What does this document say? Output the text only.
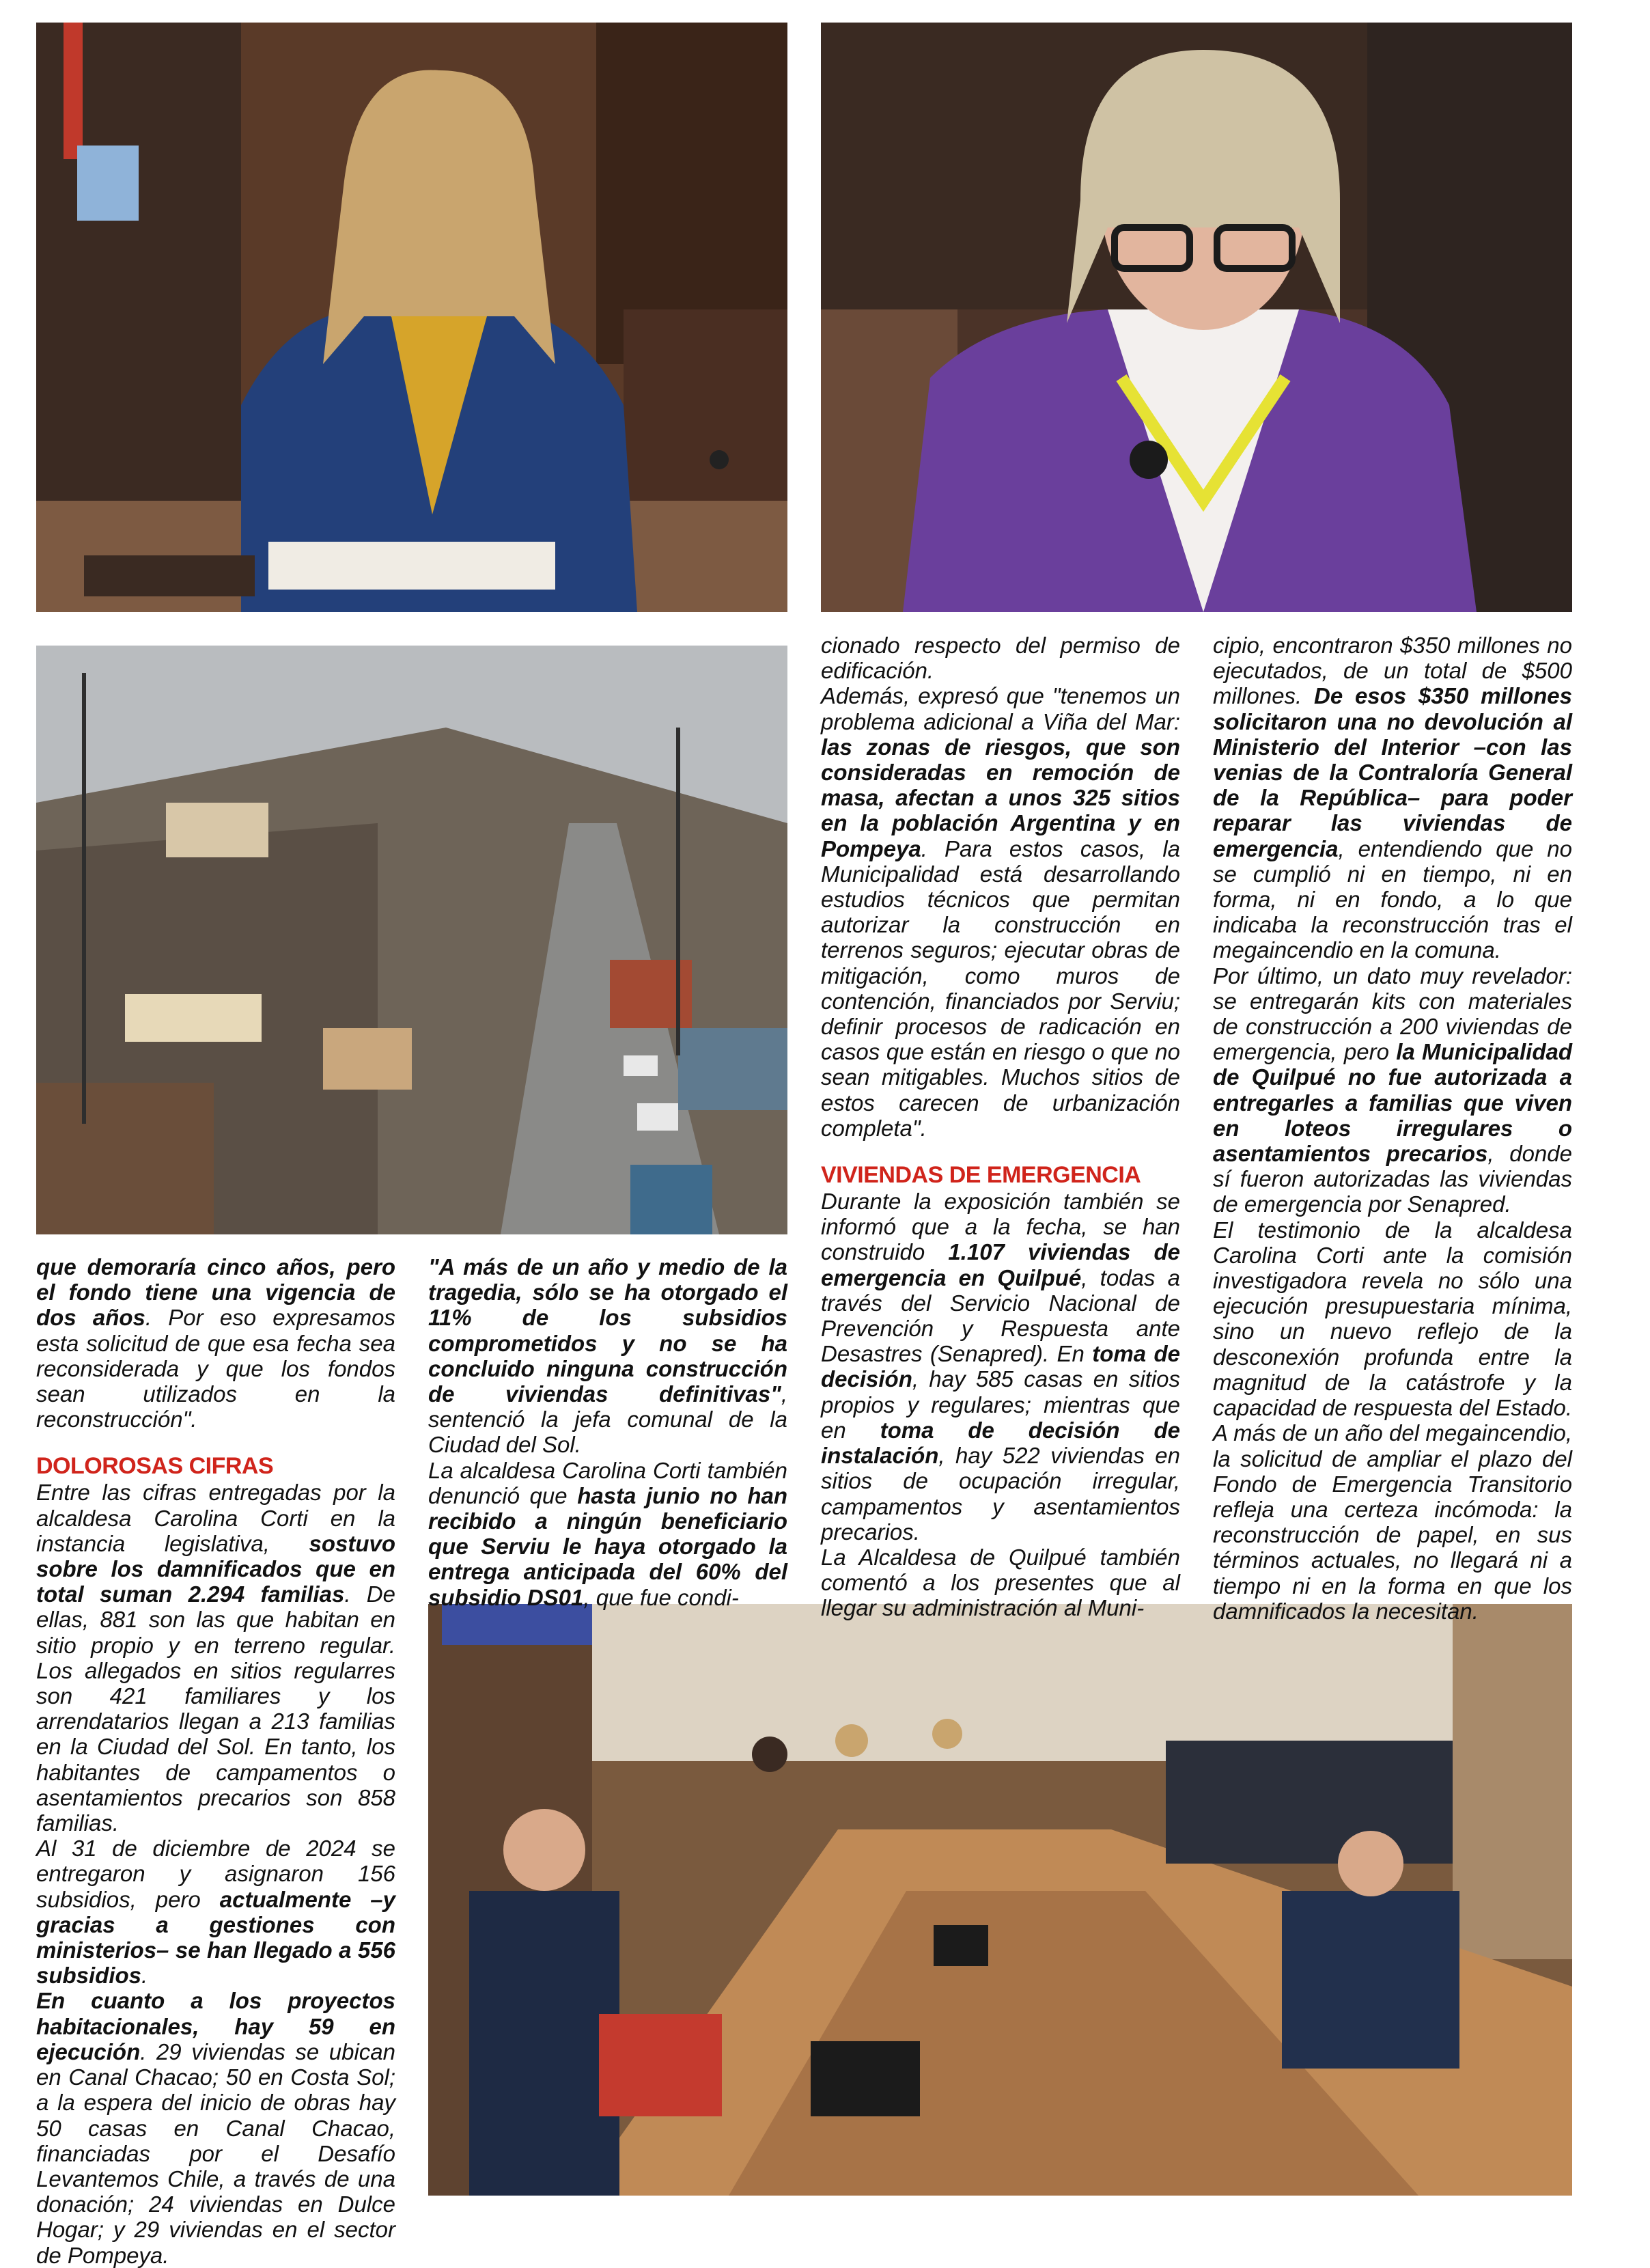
que demoraría cinco años, pero el fondo tiene una vigencia de dos años. Por eso expresamos esta solicitud de que esa fecha sea reconsiderada y que los fondos sean utilizados en la reconstrucción".

DOLOROSAS CIFRAS

Entre las cifras entregadas por la alcaldesa Carolina Corti en la instancia legislativa, sostuvo sobre los damnificados que en total suman 2.294 familias. De ellas, 881 son las que habitan en sitio propio y en terreno regular. Los allegados en sitios regularres son 421 familiares y los arrendatarios llegan a 213 familias en la Ciudad del Sol. En tanto, los habitantes de campamentos o asentamientos precarios son 858 familias.

Al 31 de diciembre de 2024 se entregaron y asignaron 156 subsidios, pero actualmente –y gracias a gestiones con ministerios– se han llegado a 556 subsidios.

En cuanto a los proyectos habitacionales, hay 59 en ejecución. 29 viviendas se ubican en Canal Chacao; 50 en Costa Sol; a la espera del inicio de obras hay 50 casas en Canal Chacao, financiadas por el Desafío Levantemos Chile, a través de una donación; 24 viviendas en Dulce Hogar; y 29 viviendas en el sector de Pompeya.

"A más de un año y medio de la tragedia, sólo se ha otorgado el 11% de los subsidios comprometidos y no se ha concluido ninguna construcción de viviendas definitivas", sentenció la jefa comunal de la Ciudad del Sol.

La alcaldesa Carolina Corti también denunció que hasta junio no han recibido a ningún beneficiario que Serviu le haya otorgado la entrega anticipada del 60% del subsidio DS01, que fue condi-

cionado respecto del permiso de edificación.

Además, expresó que "tenemos un problema adicional a Viña del Mar: las zonas de riesgos, que son consideradas en remoción de masa, afectan a unos 325 sitios en la población Argentina y en Pompeya. Para estos casos, la Municipalidad está desarrollando estudios técnicos que permitan autorizar la construcción en terrenos seguros; ejecutar obras de mitigación, como muros de contención, financiados por Serviu; definir procesos de radicación en casos que están en riesgo o que no sean mitigables. Muchos sitios de estos carecen de urbanización completa".

VIVIENDAS DE EMERGENCIA

Durante la exposición también se informó que a la fecha, se han construido 1.107 viviendas de emergencia en Quilpué, todas a través del Servicio Nacional de Prevención y Respuesta ante Desastres (Senapred). En toma de decisión, hay 585 casas en sitios propios y regulares; mientras que en toma de decisión de instalación, hay 522 viviendas en sitios de ocupación irregular, campamentos y asentamientos precarios.

La Alcaldesa de Quilpué también comentó a los presentes que al llegar su administración al Muni-

cipio, encontraron $350 millones no ejecutados, de un total de $500 millones. De esos $350 millones solicitaron una no devolución al Ministerio del Interior –con las venias de la Contraloría General de la República– para poder reparar las viviendas de emergencia, entendiendo que no se cumplió ni en tiempo, ni en forma, ni en fondo, a lo que indicaba la reconstrucción tras el megaincendio en la comuna.

Por último, un dato muy revelador: se entregarán kits con materiales de construcción a 200 viviendas de emergencia, pero la Municipalidad de Quilpué no fue autorizada a entregarles a familias que viven en loteos irregulares o asentamientos precarios, donde sí fueron autorizadas las viviendas de emergencia por Senapred.

El testimonio de la alcaldesa Carolina Corti ante la comisión investigadora revela no sólo una ejecución presupuestaria mínima, sino un nuevo reflejo de la desconexión profunda entre la magnitud de la catástrofe y la capacidad de respuesta del Estado. A más de un año del megaincendio, la solicitud de ampliar el plazo del Fondo de Emergencia Transitorio refleja una certeza incómoda: la reconstrucción de papel, en sus términos actuales, no llegará ni a tiempo ni en la forma en que los damnificados la necesitan.
